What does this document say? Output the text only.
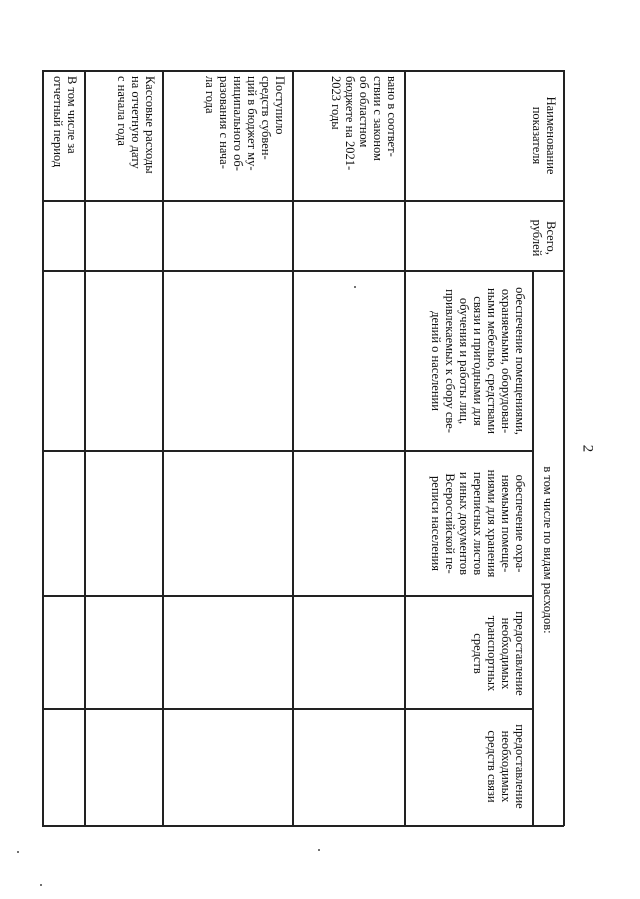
2
Наименование
показателя
Всего,
рублей
в том числе по видам расходов:
обеспечение помещениями,
охраняемыми, оборудован-
ными мебелью, средствами
связи и пригодными для
обучения и работы лиц,
привлекаемых к сбору све-
дений о населении
обеспечение охра-
няемыми помеще-
ниями для хранения
переписных листов
и иных документов
Всероссийской пе-
реписи населения
предоставление
необходимых
транспортных
средств
предоставление
необходимых
средств связи
вано в соответ-
ствии с законом
об областном
бюджете на 2021-
2023 годы
Поступило
средств субвен-
ций в бюджет му-
ниципального об-
разования с нача-
ла года
Кассовые расходы
на отчетную дату
с начала года
В том числе за
отчетный период
